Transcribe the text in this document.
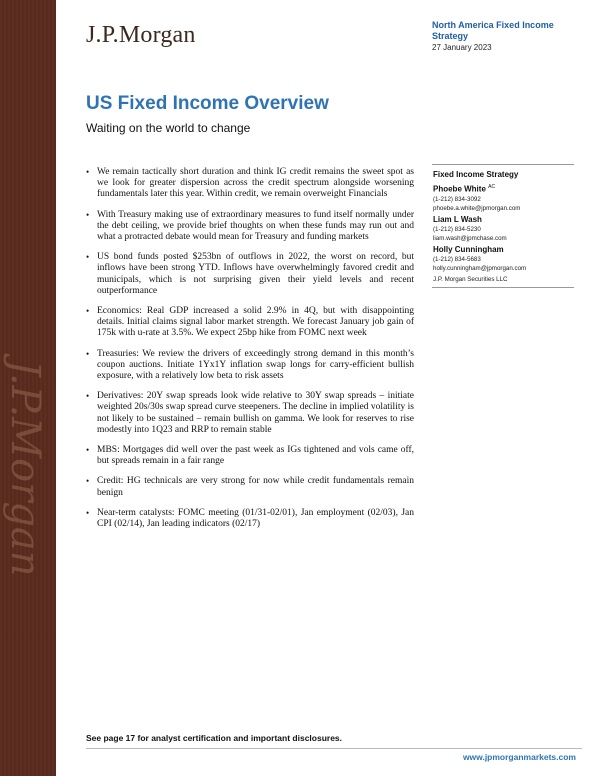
J.P.Morgan
J.P.Morgan	North America Fixed Income
Strategy
27 January 2023
US Fixed Income Overview
Waiting on the world to change
• We remain tactically short duration and think IG credit remains the sweet spot as we look for greater dispersion across the credit spectrum alongside worsening fundamentals later this year. Within credit, we remain overweight Financials
• With Treasury making use of extraordinary measures to fund itself normally under the debt ceiling, we provide brief thoughts on when these funds may run out and what a protracted debate would mean for Treasury and funding markets
• US bond funds posted $253bn of outflows in 2022, the worst on record, but inflows have been strong YTD. Inflows have overwhelmingly favored credit and municipals, which is not surprising given their yield levels and recent outperformance
• Economics: Real GDP increased a solid 2.9% in 4Q, but with disappointing details. Initial claims signal labor market strength. We forecast January job gain of 175k with u-rate at 3.5%. We expect 25bp hike from FOMC next week
• Treasuries: We review the drivers of exceedingly strong demand in this month’s coupon auctions. Initiate 1Yx1Y inflation swap longs for carry-efficient bullish exposure, with a relatively low beta to risk assets
• Derivatives: 20Y swap spreads look wide relative to 30Y swap spreads – initiate weighted 20s/30s swap spread curve steepeners. The decline in implied volatility is not likely to be sustained – remain bullish on gamma. We look for reserves to rise modestly into 1Q23 and RRP to remain stable
• MBS: Mortgages did well over the past week as IGs tightened and vols came off, but spreads remain in a fair range
• Credit: HG technicals are very strong for now while credit fundamentals remain benign
• Near-term catalysts: FOMC meeting (01/31-02/01), Jan employment (02/03), Jan CPI (02/14), Jan leading indicators (02/17)
Fixed Income Strategy
Phoebe White $^{AC}$
(1-212) 834-3092
phoebe.a.white@jpmorgan.com
Liam L Wash
(1-212) 834-5230
liam.wash@jpmchase.com
Holly Cunningham
(1-212) 834-5683
holly.cunningham@jpmorgan.com
J.P. Morgan Securities LLC
See page 17 for analyst certification and important disclosures.
www.jpmorganmarkets.com
